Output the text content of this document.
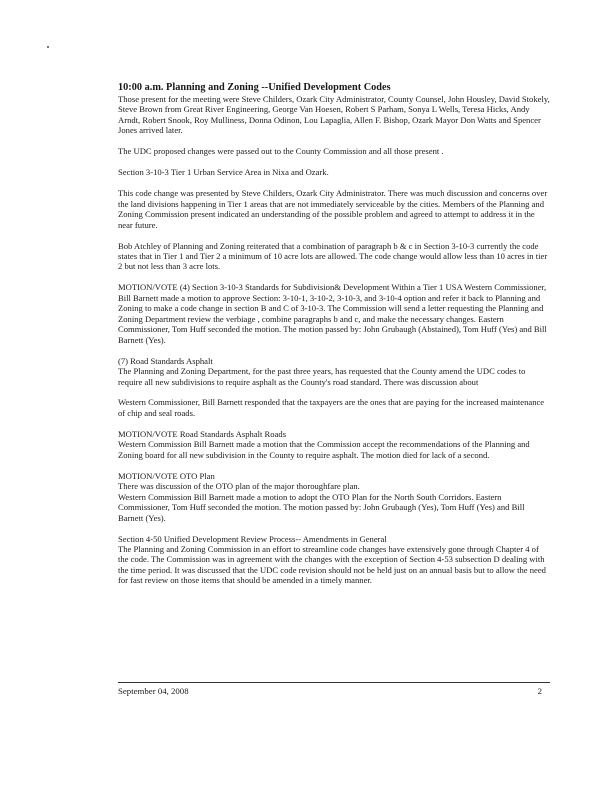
10:00 a.m. Planning and Zoning --Unified Development Codes

Those present for the meeting were Steve Childers, Ozark City Administrator, County Counsel, John Housley, David Stokely, Steve Brown from Great River Engineering, George Van Hoesen, Robert S Parham, Sonya L Wells, Teresa Hicks, Andy Arndt, Robert Snook, Roy Mulliness, Donna Odinon, Lou Lapaglia, Allen F. Bishop, Ozark Mayor Don Watts and Spencer Jones arrived later.

The UDC proposed changes were passed out to the County Commission and all those present .

Section 3-10-3 Tier 1 Urban Service Area in Nixa and Ozark.

This code change was presented by Steve Childers, Ozark City Administrator. There was much discussion and concerns over the land divisions happening in Tier 1 areas that are not immediately serviceable by the cities. Members of the Planning and Zoning Commission present indicated an understanding of the possible problem and agreed to attempt to address it in the near future.

Bob Atchley of Planning and Zoning reiterated that a combination of paragraph b & c in Section 3-10-3 currently the code states that in Tier 1 and Tier 2 a minimum of 10 acre lots are allowed. The code change would allow less than 10 acres in tier 2 but not less than 3 acre lots.

MOTION/VOTE (4) Section 3-10-3 Standards for Subdivision& Development Within a Tier 1 USA Western Commissioner, Bill Barnett made a motion to approve Section: 3-10-1, 3-10-2, 3-10-3, and 3-10-4 option and refer it back to Planning and Zoning to make a code change in section B and C of 3-10-3. The Commission will send a letter requesting the Planning and Zoning Department review the verbiage , combine paragraphs b and c, and make the necessary changes. Eastern Commissioner, Tom Huff seconded the motion. The motion passed by: John Grubaugh (Abstained), Tom Huff (Yes) and Bill Barnett (Yes).

(7) Road Standards Asphalt
The Planning and Zoning Department, for the past three years, has requested that the County amend the UDC codes to require all new subdivisions to require asphalt as the County's road standard. There was discussion about

Western Commissioner, Bill Barnett responded that the taxpayers are the ones that are paying for the increased maintenance of chip and seal roads.

MOTION/VOTE Road Standards Asphalt Roads
Western Commission Bill Barnett made a motion that the Commission accept the recommendations of the Planning and Zoning board for all new subdivision in the County to require asphalt. The motion died for lack of a second.

MOTION/VOTE OTO Plan
There was discussion of the OTO plan of the major thoroughfare plan.
Western Commission Bill Barnett made a motion to adopt the OTO Plan for the North South Corridors. Eastern Commissioner, Tom Huff seconded the motion. The motion passed by: John Grubaugh (Yes), Tom Huff (Yes) and Bill Barnett (Yes).

Section 4-50 Unified Development Review Process-- Amendments in General
The Planning and Zoning Commission in an effort to streamline code changes have extensively gone through Chapter 4 of the code. The Commission was in agreement with the changes with the exception of Section 4-53 subsection D dealing with the time period. It was discussed that the UDC code revision should not be held just on an annual basis but to allow the need for fast review on those items that should be amended in a timely manner.

September 04, 2008	2
